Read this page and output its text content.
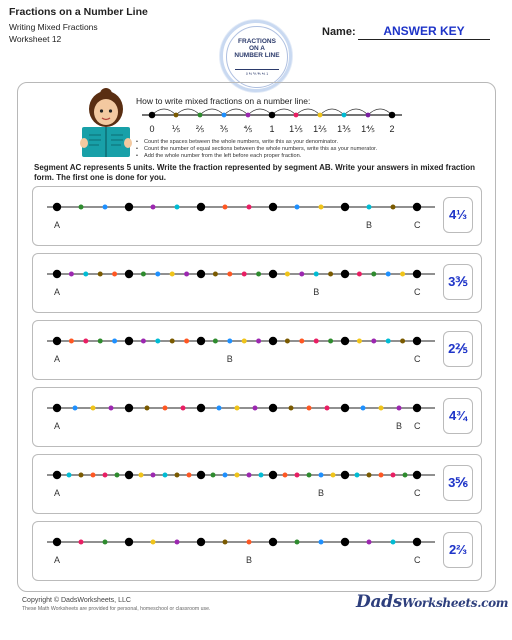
Fractions on a Number Line
Writing Mixed Fractions
Worksheet 12	FRACTIONS
ON A
NUMBER LINE
0 ⅕ ⅖ ⅗ ⅘ 1
Name:	ANSWER KEY
How to write mixed fractions on a number line:
0 ⅕ ⅖ ⅗ ⅘ 1 1⅕ 1⅖ 1⅗ 1⅘ 2
• Count the spaces between the whole numbers, write this as your denominator.
• Count the number of equal sections between the whole numbers, write this as your numerator.
• Add the whole number from the left before each proper fraction.
Segment AC represents 5 units. Write the fraction represented by segment AB. Write your answers in mixed fraction form. The first one is done for you.
A	B	C
4⅓
A	B	C
3⅗
A	B	C
2⅖
A	B C
4¾
A	B	C
3⅚
A	B	C
2⅔
Copyright © DadsWorksheets, LLC
These Math Worksheets are provided for personal, homeschool or classroom use.	DadsWorksheets.com
